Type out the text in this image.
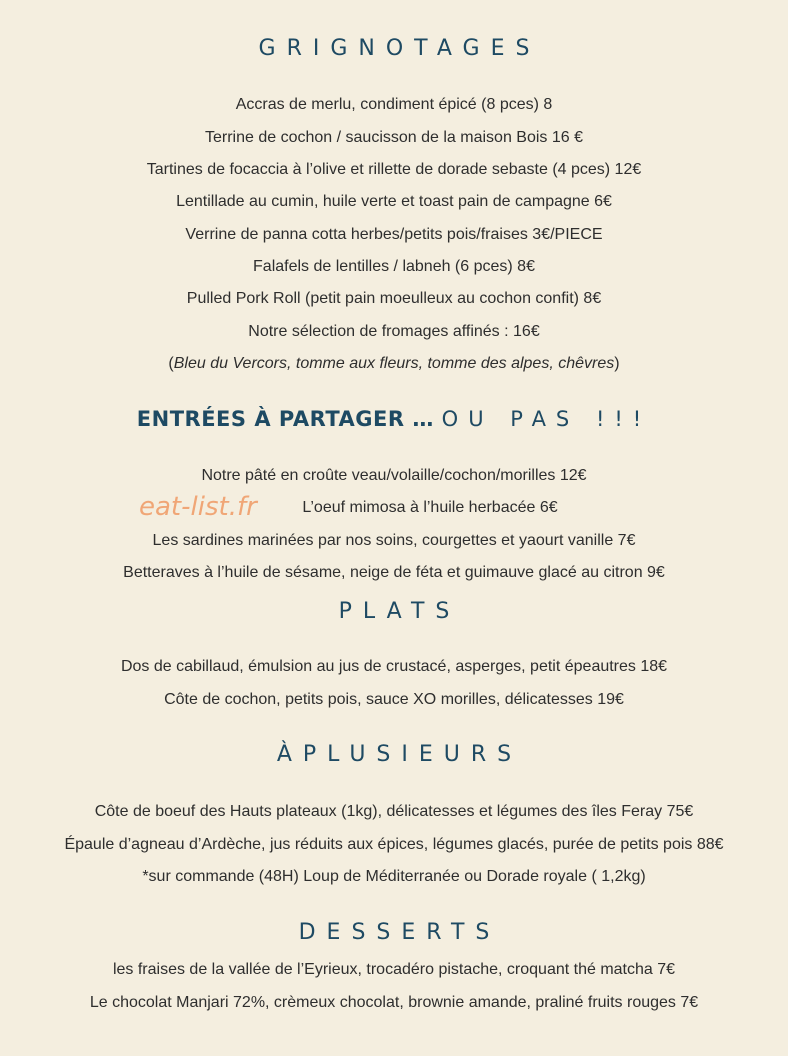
GRIGNOTAGES
Accras de merlu, condiment épicé (8 pces) 8
Terrine de cochon / saucisson de la maison Bois 16 €
Tartines de focaccia à l’olive et rillette de dorade sebaste (4 pces) 12€
Lentillade au cumin, huile verte et toast pain de campagne 6€
Verrine de panna cotta herbes/petits pois/fraises 3€/PIECE
Falafels de lentilles / labneh (6 pces) 8€
Pulled Pork Roll (petit pain moeulleux au cochon confit) 8€
Notre sélection de fromages affinés : 16€
(Bleu du Vercors, tomme aux fleurs, tomme des alpes, chêvres)
ENTRÉES À PARTAGER … OU PAS !!!
Notre pâté en croûte veau/volaille/cochon/morilles 12€
L’oeuf mimosa à l’huile herbacée 6€
Les sardines marinées par nos soins, courgettes et yaourt vanille 7€
Betteraves à l’huile de sésame, neige de féta et guimauve glacé au citron 9€
eat-list.fr
PLATS
Dos de cabillaud, émulsion au jus de crustacé, asperges, petit épeautres 18€
Côte de cochon, petits pois, sauce XO morilles, délicatesses 19€
ÀPLUSIEURS
Côte de boeuf des Hauts plateaux (1kg), délicatesses et légumes des îles Feray 75€
Épaule d’agneau d’Ardèche, jus réduits aux épices, légumes glacés, purée de petits pois 88€
*sur commande (48H) Loup de Méditerranée ou Dorade royale ( 1,2kg)
DESSERTS
les fraises de la vallée de l’Eyrieux, trocadéro pistache, croquant thé matcha 7€
Le chocolat Manjari 72%, crèmeux chocolat, brownie amande, praliné fruits rouges 7€
